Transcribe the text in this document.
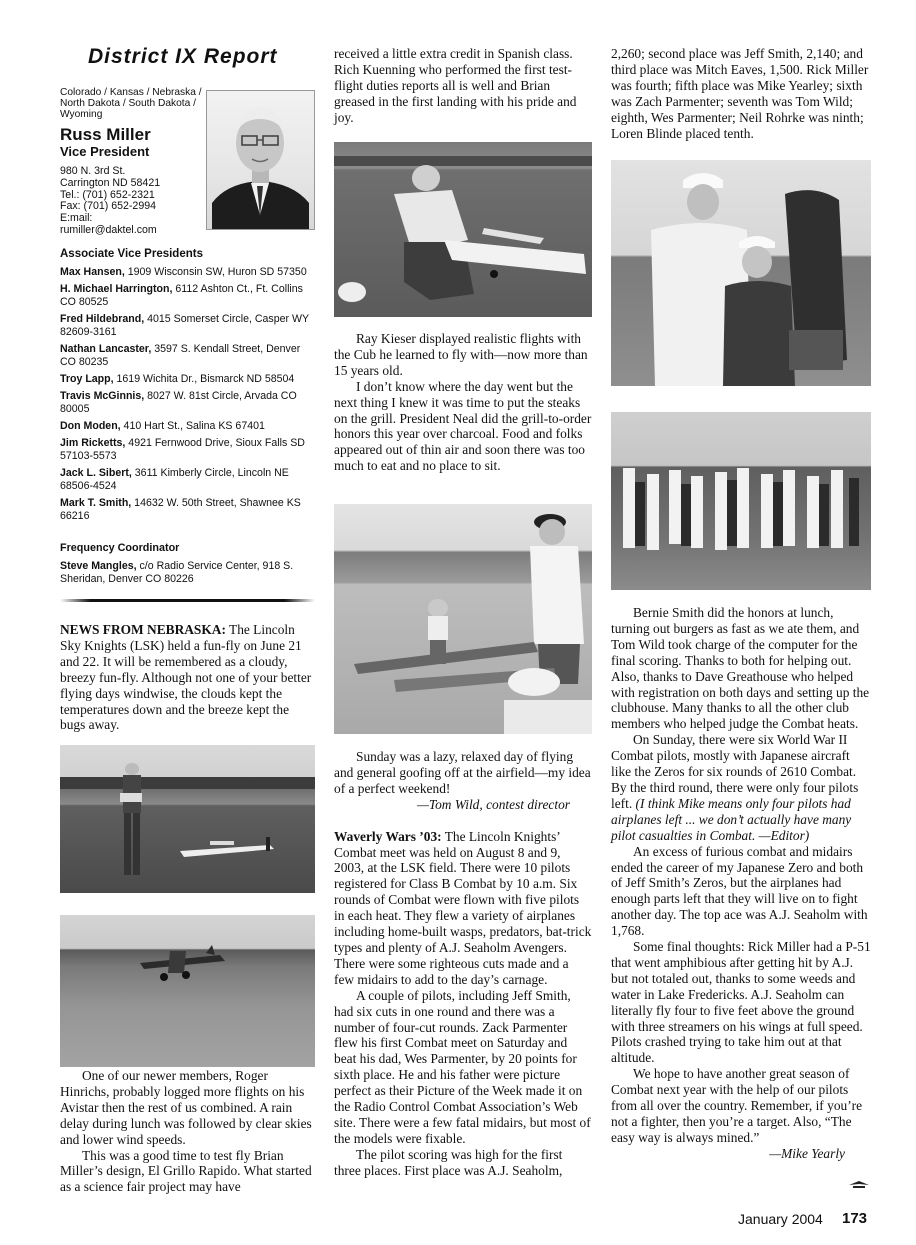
District IX Report
Colorado / Kansas / Nebraska / North Dakota / South Dakota / Wyoming
Russ Miller
Vice President
980 N. 3rd St.
Carrington ND 58421
Tel.: (701) 652-2321
Fax: (701) 652-2994
E:mail:
rumiller@daktel.com
Associate Vice Presidents

Max Hansen, 1909 Wisconsin SW, Huron SD 57350

H. Michael Harrington, 6112 Ashton Ct., Ft. Collins CO 80525

Fred Hildebrand, 4015 Somerset Circle, Casper WY 82609-3161

Nathan Lancaster, 3597 S. Kendall Street, Denver CO 80235

Troy Lapp, 1619 Wichita Dr., Bismarck ND 58504

Travis McGinnis, 8027 W. 81st Circle, Arvada CO 80005

Don Moden, 410 Hart St., Salina KS 67401

Jim Ricketts, 4921 Fernwood Drive, Sioux Falls SD 57103-5573

Jack L. Sibert, 3611 Kimberly Circle, Lincoln NE 68506-4524

Mark T. Smith, 14632 W. 50th Street, Shawnee KS 66216

Frequency Coordinator
Steve Mangles, c/o Radio Service Center, 918 S. Sheridan, Denver CO 80226

NEWS FROM NEBRASKA: The Lincoln Sky Knights (LSK) held a fun-fly on June 21 and 22. It will be remembered as a cloudy, breezy fun-fly. Although not one of your better flying days windwise, the clouds kept the temperatures down and the breeze kept the bugs away.

One of our newer members, Roger Hinrichs, probably logged more flights on his Avistar then the rest of us combined. A rain delay during lunch was followed by clear skies and lower wind speeds.

This was a good time to test fly Brian Miller’s design, El Grillo Rapido. What started as a science fair project may have

received a little extra credit in Spanish class. Rich Kuenning who performed the first test-flight duties reports all is well and Brian greased in the first landing with his pride and joy.

Ray Kieser displayed realistic flights with the Cub he learned to fly with—now more than 15 years old.

I don’t know where the day went but the next thing I knew it was time to put the steaks on the grill. President Neal did the grill-to-order honors this year over charcoal. Food and folks appeared out of thin air and soon there was too much to eat and no place to sit.

Sunday was a lazy, relaxed day of flying and general goofing off at the airfield—my idea of a perfect weekend!

—Tom Wild, contest director

Waverly Wars ’03: The Lincoln Knights’ Combat meet was held on August 8 and 9, 2003, at the LSK field. There were 10 pilots registered for Class B Combat by 10 a.m. Six rounds of Combat were flown with five pilots in each heat. They flew a variety of airplanes including home-built wasps, predators, bat-trick types and plenty of A.J. Seaholm Avengers. There were some righteous cuts made and a few midairs to add to the day’s carnage.

A couple of pilots, including Jeff Smith, had six cuts in one round and there was a number of four-cut rounds. Zack Parmenter flew his first Combat meet on Saturday and beat his dad, Wes Parmenter, by 20 points for sixth place. He and his father were picture perfect as their Picture of the Week made it on the Radio Control Combat Association’s Web site. There were a few fatal midairs, but most of the models were fixable.

The pilot scoring was high for the first three places. First place was A.J. Seaholm,

2,260; second place was Jeff Smith, 2,140; and third place was Mitch Eaves, 1,500. Rick Miller was fourth; fifth place was Mike Yearley; sixth was Zach Parmenter; seventh was Tom Wild; eighth, Wes Parmenter; Neil Rohrke was ninth; Loren Blinde placed tenth.

Bernie Smith did the honors at lunch, turning out burgers as fast as we ate them, and Tom Wild took charge of the computer for the final scoring. Thanks to both for helping out. Also, thanks to Dave Greathouse who helped with registration on both days and setting up the clubhouse. Many thanks to all the other club members who helped judge the Combat heats.

On Sunday, there were six World War II Combat pilots, mostly with Japanese aircraft like the Zeros for six rounds of 2610 Combat. By the third round, there were only four pilots left. (I think Mike means only four pilots had airplanes left ... we don’t actually have many pilot casualties in Combat. —Editor)

An excess of furious combat and midairs ended the career of my Japanese Zero and both of Jeff Smith’s Zeros, but the airplanes had enough parts left that they will live on to fight another day. The top ace was A.J. Seaholm with 1,768.

Some final thoughts: Rick Miller had a P-51 that went amphibious after getting hit by A.J. but not totaled out, thanks to some weeds and water in Lake Fredericks. A.J. Seaholm can literally fly four to five feet above the ground with three streamers on his wings at full speed. Pilots crashed trying to take him out at that altitude.

We hope to have another great season of Combat next year with the help of our pilots from all over the country. Remember, if you’re not a fighter, then you’re a target. Also, “The easy way is always mined.”

—Mike Yearly

January 2004 173
